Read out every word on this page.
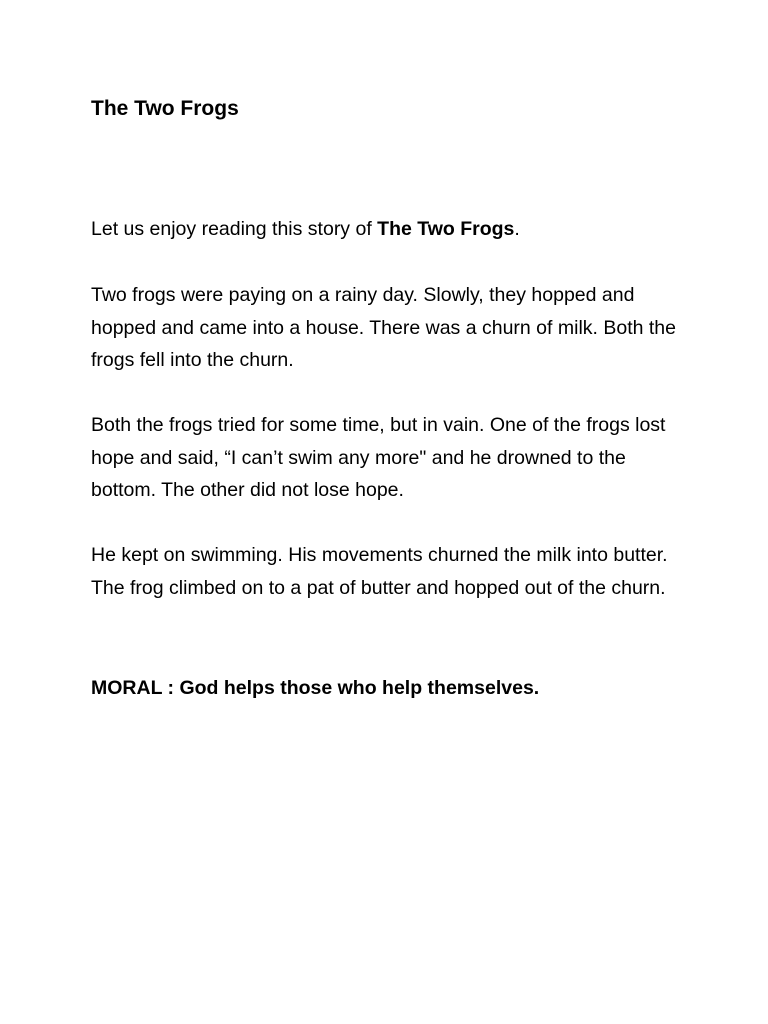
The Two Frogs

Let us enjoy reading this story of The Two Frogs.

Two frogs were paying on a rainy day. Slowly, they hopped and hopped and came into a house. There was a churn of milk. Both the frogs fell into the churn.

Both the frogs tried for some time, but in vain. One of the frogs lost hope and said, “I can’t swim any more" and he drowned to the bottom. The other did not lose hope.

He kept on swimming. His movements churned the milk into butter. The frog climbed on to a pat of butter and hopped out of the churn.

MORAL : God helps those who help themselves.
